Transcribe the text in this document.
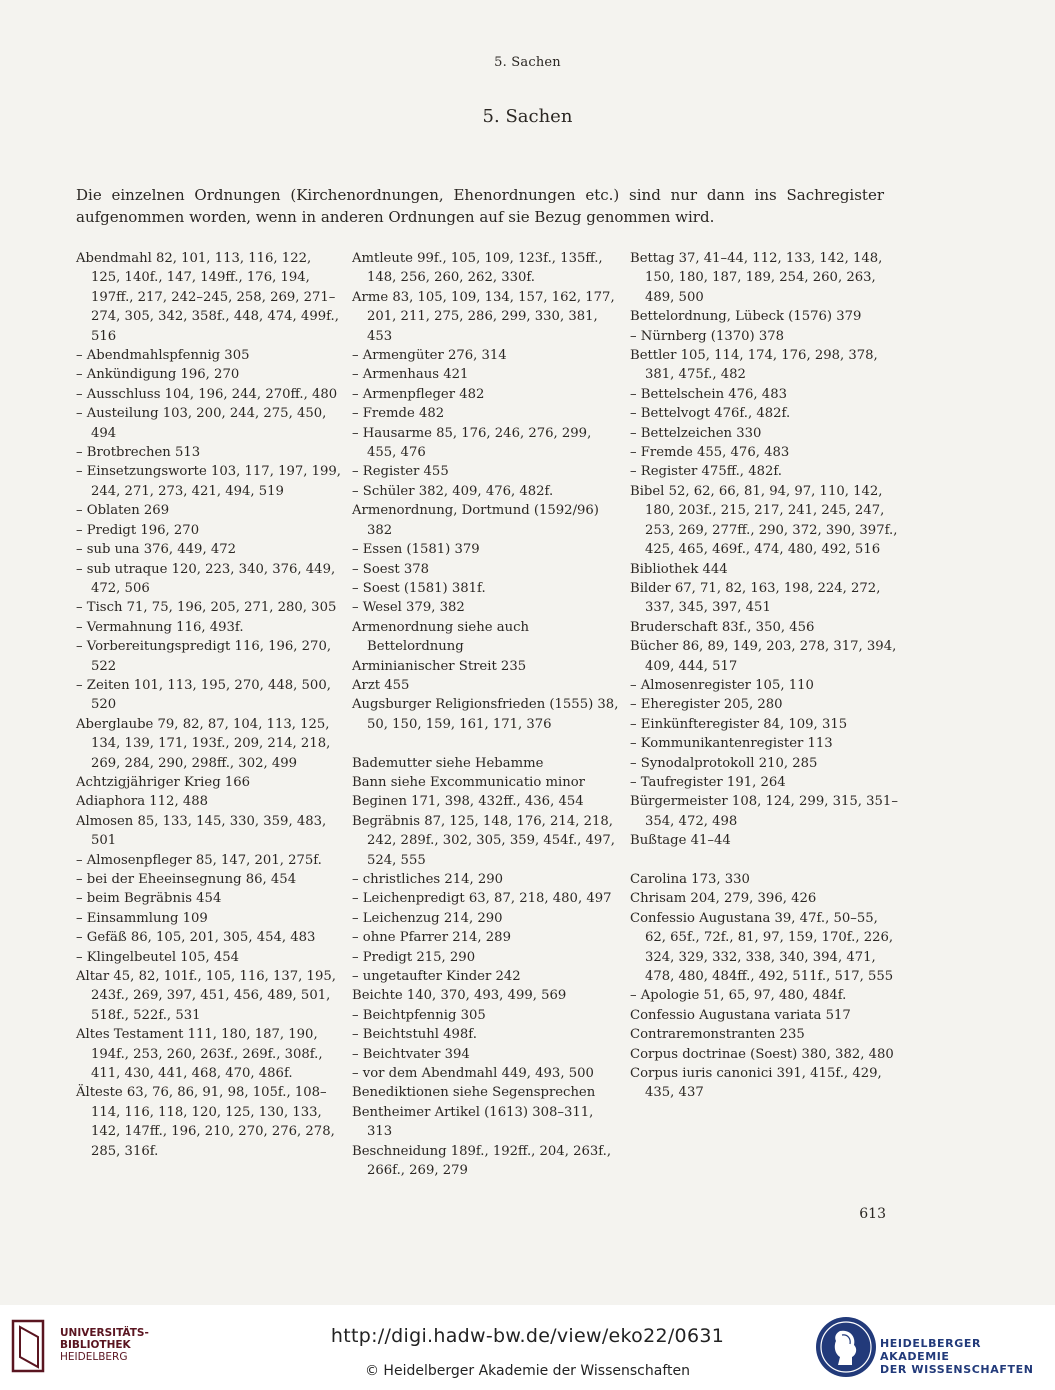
5. Sachen
5. Sachen
Die einzelnen Ordnungen (Kirchenordnungen, Ehenordnungen etc.) sind nur dann ins Sachregister aufgenommen worden, wenn in anderen Ordnungen auf sie Bezug genommen wird.
Abendmahl 82, 101, 113, 116, 122, 125, 140f., 147, 149ff., 176, 194, 197ff., 217, 242–245, 258, 269, 271–274, 305, 342, 358f., 448, 474, 499f., 516
– Abendmahlspfennig 305
– Ankündigung 196, 270
– Ausschluss 104, 196, 244, 270ff., 480
– Austeilung 103, 200, 244, 275, 450, 494
– Brotbrechen 513
– Einsetzungsworte 103, 117, 197, 199, 244, 271, 273, 421, 494, 519
– Oblaten 269
– Predigt 196, 270
– sub una 376, 449, 472
– sub utraque 120, 223, 340, 376, 449, 472, 506
– Tisch 71, 75, 196, 205, 271, 280, 305
– Vermahnung 116, 493f.
– Vorbereitungspredigt 116, 196, 270, 522
– Zeiten 101, 113, 195, 270, 448, 500, 520
Aberglaube 79, 82, 87, 104, 113, 125, 134, 139, 171, 193f., 209, 214, 218, 269, 284, 290, 298ff., 302, 499
Achtzigjähriger Krieg 166
Adiaphora 112, 488
Almosen 85, 133, 145, 330, 359, 483, 501
– Almosenpfleger 85, 147, 201, 275f.
– bei der Eheeinsegnung 86, 454
– beim Begräbnis 454
– Einsammlung 109
– Gefäß 86, 105, 201, 305, 454, 483
– Klingelbeutel 105, 454
Altar 45, 82, 101f., 105, 116, 137, 195, 243f., 269, 397, 451, 456, 489, 501, 518f., 522f., 531
Altes Testament 111, 180, 187, 190, 194f., 253, 260, 263f., 269f., 308f., 411, 430, 441, 468, 470, 486f.
Älteste 63, 76, 86, 91, 98, 105f., 108–114, 116, 118, 120, 125, 130, 133, 142, 147ff., 196, 210, 270, 276, 278, 285, 316f.
Amtleute 99f., 105, 109, 123f., 135ff., 148, 256, 260, 262, 330f.
Arme 83, 105, 109, 134, 157, 162, 177, 201, 211, 275, 286, 299, 330, 381, 453
– Armengüter 276, 314
– Armenhaus 421
– Armenpfleger 482
– Fremde 482
– Hausarme 85, 176, 246, 276, 299, 455, 476
– Register 455
– Schüler 382, 409, 476, 482f.
Armenordnung, Dortmund (1592/96) 382
– Essen (1581) 379
– Soest 378
– Soest (1581) 381f.
– Wesel 379, 382
Armenordnung siehe auch Bettelordnung
Arminianischer Streit 235
Arzt 455
Augsburger Religionsfrieden (1555) 38, 50, 150, 159, 161, 171, 376
Bademutter siehe Hebamme
Bann siehe Excommunicatio minor
Beginen 171, 398, 432ff., 436, 454
Begräbnis 87, 125, 148, 176, 214, 218, 242, 289f., 302, 305, 359, 454f., 497, 524, 555
– christliches 214, 290
– Leichenpredigt 63, 87, 218, 480, 497
– Leichenzug 214, 290
– ohne Pfarrer 214, 289
– Predigt 215, 290
– ungetaufter Kinder 242
Beichte 140, 370, 493, 499, 569
– Beichtpfennig 305
– Beichtstuhl 498f.
– Beichtvater 394
– vor dem Abendmahl 449, 493, 500
Benediktionen siehe Segensprechen
Bentheimer Artikel (1613) 308–311, 313
Beschneidung 189f., 192ff., 204, 263f., 266f., 269, 279
Bettag 37, 41–44, 112, 133, 142, 148, 150, 180, 187, 189, 254, 260, 263, 489, 500
Bettelordnung, Lübeck (1576) 379
– Nürnberg (1370) 378
Bettler 105, 114, 174, 176, 298, 378, 381, 475f., 482
– Bettelschein 476, 483
– Bettelvogt 476f., 482f.
– Bettelzeichen 330
– Fremde 455, 476, 483
– Register 475ff., 482f.
Bibel 52, 62, 66, 81, 94, 97, 110, 142, 180, 203f., 215, 217, 241, 245, 247, 253, 269, 277ff., 290, 372, 390, 397f., 425, 465, 469f., 474, 480, 492, 516
Bibliothek 444
Bilder 67, 71, 82, 163, 198, 224, 272, 337, 345, 397, 451
Bruderschaft 83f., 350, 456
Bücher 86, 89, 149, 203, 278, 317, 394, 409, 444, 517
– Almosenregister 105, 110
– Eheregister 205, 280
– Einkünfteregister 84, 109, 315
– Kommunikantenregister 113
– Synodalprotokoll 210, 285
– Taufregister 191, 264
Bürgermeister 108, 124, 299, 315, 351–354, 472, 498
Bußtage 41–44
Carolina 173, 330
Chrisam 204, 279, 396, 426
Confessio Augustana 39, 47f., 50–55, 62, 65f., 72f., 81, 97, 159, 170f., 226, 324, 329, 332, 338, 340, 394, 471, 478, 480, 484ff., 492, 511f., 517, 555
– Apologie 51, 65, 97, 480, 484f.
Confessio Augustana variata 517
Contraremonstranten 235
Corpus doctrinae (Soest) 380, 382, 480
Corpus iuris canonici 391, 415f., 429, 435, 437
613
UNIVERSITÄTS-
BIBLIOTHEK
HEIDELBERG
http://digi.hadw-bw.de/view/eko22/0631
© Heidelberger Akademie der Wissenschaften
HEIDELBERGER AKADEMIE
DER WISSENSCHAFTEN
